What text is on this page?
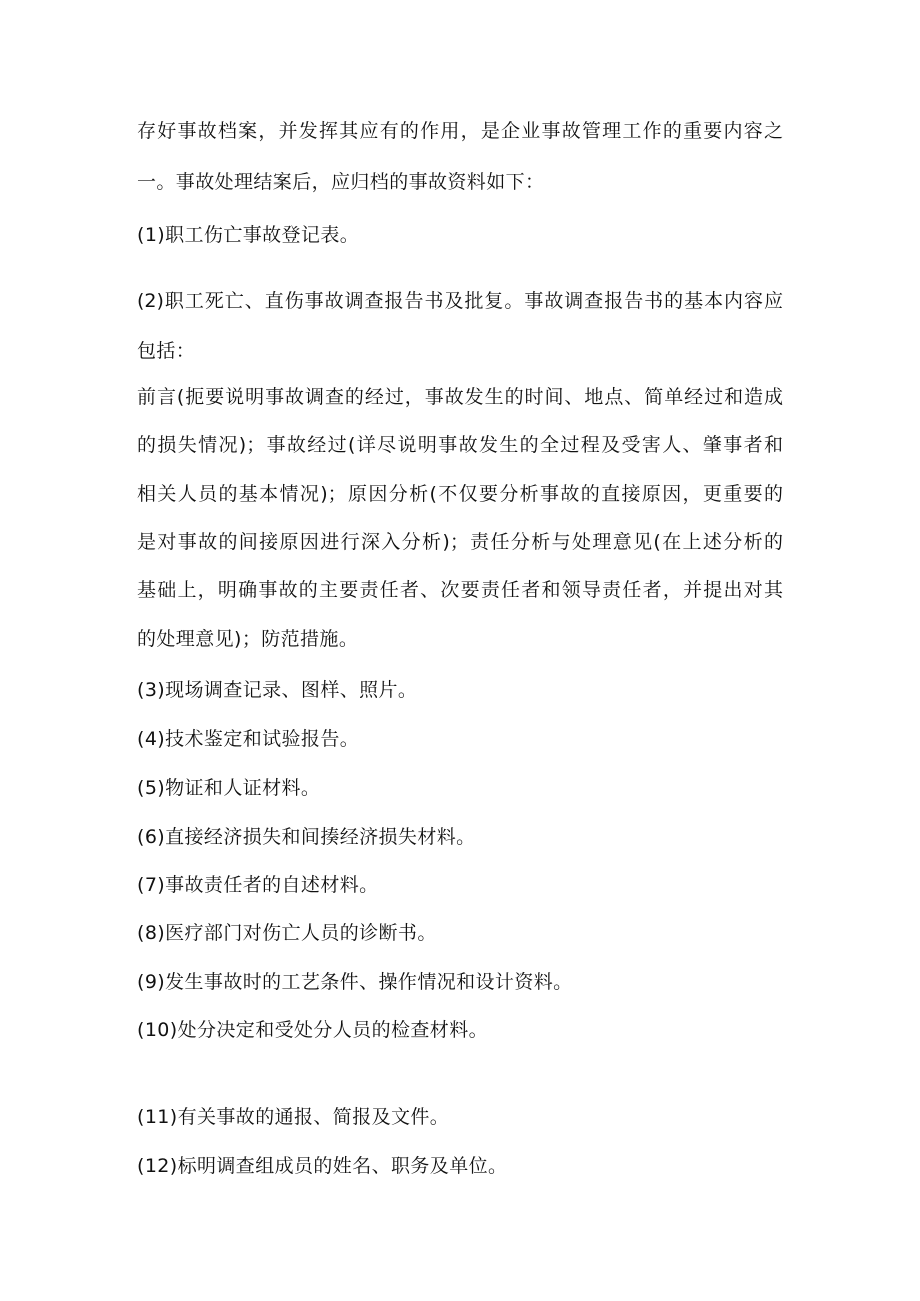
存好事故档案，并发挥其应有的作用，是企业事故管理工作的重要内容之
一。事故处理结案后，应归档的事故资料如下：
(1)职工伤亡事故登记表。
(2)职工死亡、直伤事故调查报告书及批复。事故调查报告书的基本内容应
包括：
前言(扼要说明事故调查的经过，事故发生的时间、地点、简单经过和造成
的损失情况)；事故经过(详尽说明事故发生的全过程及受害人、肇事者和
相关人员的基本情况)；原因分析(不仅要分析事故的直接原因，更重要的
是对事故的间接原因进行深入分析)；责任分析与处理意见(在上述分析的
基础上，明确事故的主要责任者、次要责任者和领导责任者，并提出对其
的处理意见)；防范措施。
(3)现场调查记录、图样、照片。
(4)技术鉴定和试验报告。
(5)物证和人证材料。
(6)直接经济损失和间揍经济损失材料。
(7)事故责任者的自述材料。
(8)医疗部门对伤亡人员的诊断书。
(9)发生事故时的工艺条件、操作情况和设计资料。
(10)处分决定和受处分人员的检查材料。
(11)有关事故的通报、简报及文件。
(12)标明调查组成员的姓名、职务及单位。
